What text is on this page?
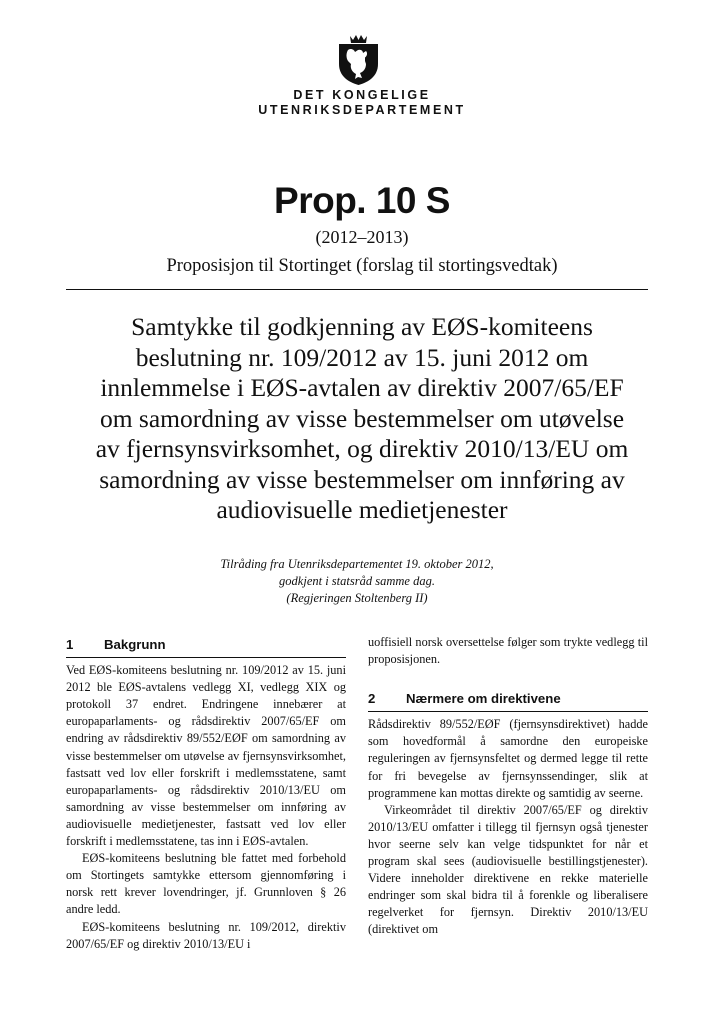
DET KONGELIGE
UTENRIKSDEPARTEMENT
Prop. 10 S
(2012–2013)
Proposisjon til Stortinget (forslag til stortingsvedtak)
Samtykke til godkjenning av EØS-komiteens
beslutning nr. 109/2012 av 15. juni 2012 om
innlemmelse i EØS-avtalen av direktiv 2007/65/EF
om samordning av visse bestemmelser om utøvelse
av fjernsynsvirksomhet, og direktiv 2010/13/EU om
samordning av visse bestemmelser om innføring av
audiovisuelle medietjenester
Tilråding fra Utenriksdepartementet 19. oktober 2012,
godkjent i statsråd samme dag.
(Regjeringen Stoltenberg II)
1	Bakgrunn

Ved EØS-komiteens beslutning nr. 109/2012 av 15. juni 2012 ble EØS-avtalens vedlegg XI, vedlegg XIX og protokoll 37 endret. Endringene innebærer at europaparlaments- og rådsdirektiv 2007/65/EF om endring av rådsdirektiv 89/552/EØF om samordning av visse bestemmelser om utøvelse av fjernsynsvirksomhet, fastsatt ved lov eller forskrift i medlemsstatene, samt europaparlaments- og rådsdirektiv 2010/13/EU om samordning av visse bestemmelser om innføring av audiovisuelle medietjenester, fastsatt ved lov eller forskrift i medlemsstatene, tas inn i EØS-avtalen.

EØS-komiteens beslutning ble fattet med forbehold om Stortingets samtykke ettersom gjennomføring i norsk rett krever lovendringer, jf. Grunnloven § 26 andre ledd.

EØS-komiteens beslutning nr. 109/2012, direktiv 2007/65/EF og direktiv 2010/13/EU i

uoffisiell norsk oversettelse følger som trykte vedlegg til proposisjonen.

2	Nærmere om direktivene

Rådsdirektiv 89/552/EØF (fjernsynsdirektivet) hadde som hovedformål å samordne den europeiske reguleringen av fjernsynsfeltet og dermed legge til rette for fri bevegelse av fjernsynssendinger, slik at programmene kan mottas direkte og samtidig av seerne.

Virkeområdet til direktiv 2007/65/EF og direktiv 2010/13/EU omfatter i tillegg til fjernsyn også tjenester hvor seerne selv kan velge tidspunktet for når et program skal sees (audiovisuelle bestillingstjenester). Videre inneholder direktivene en rekke materielle endringer som skal bidra til å forenkle og liberalisere regelverket for fjernsyn. Direktiv 2010/13/EU (direktivet om
